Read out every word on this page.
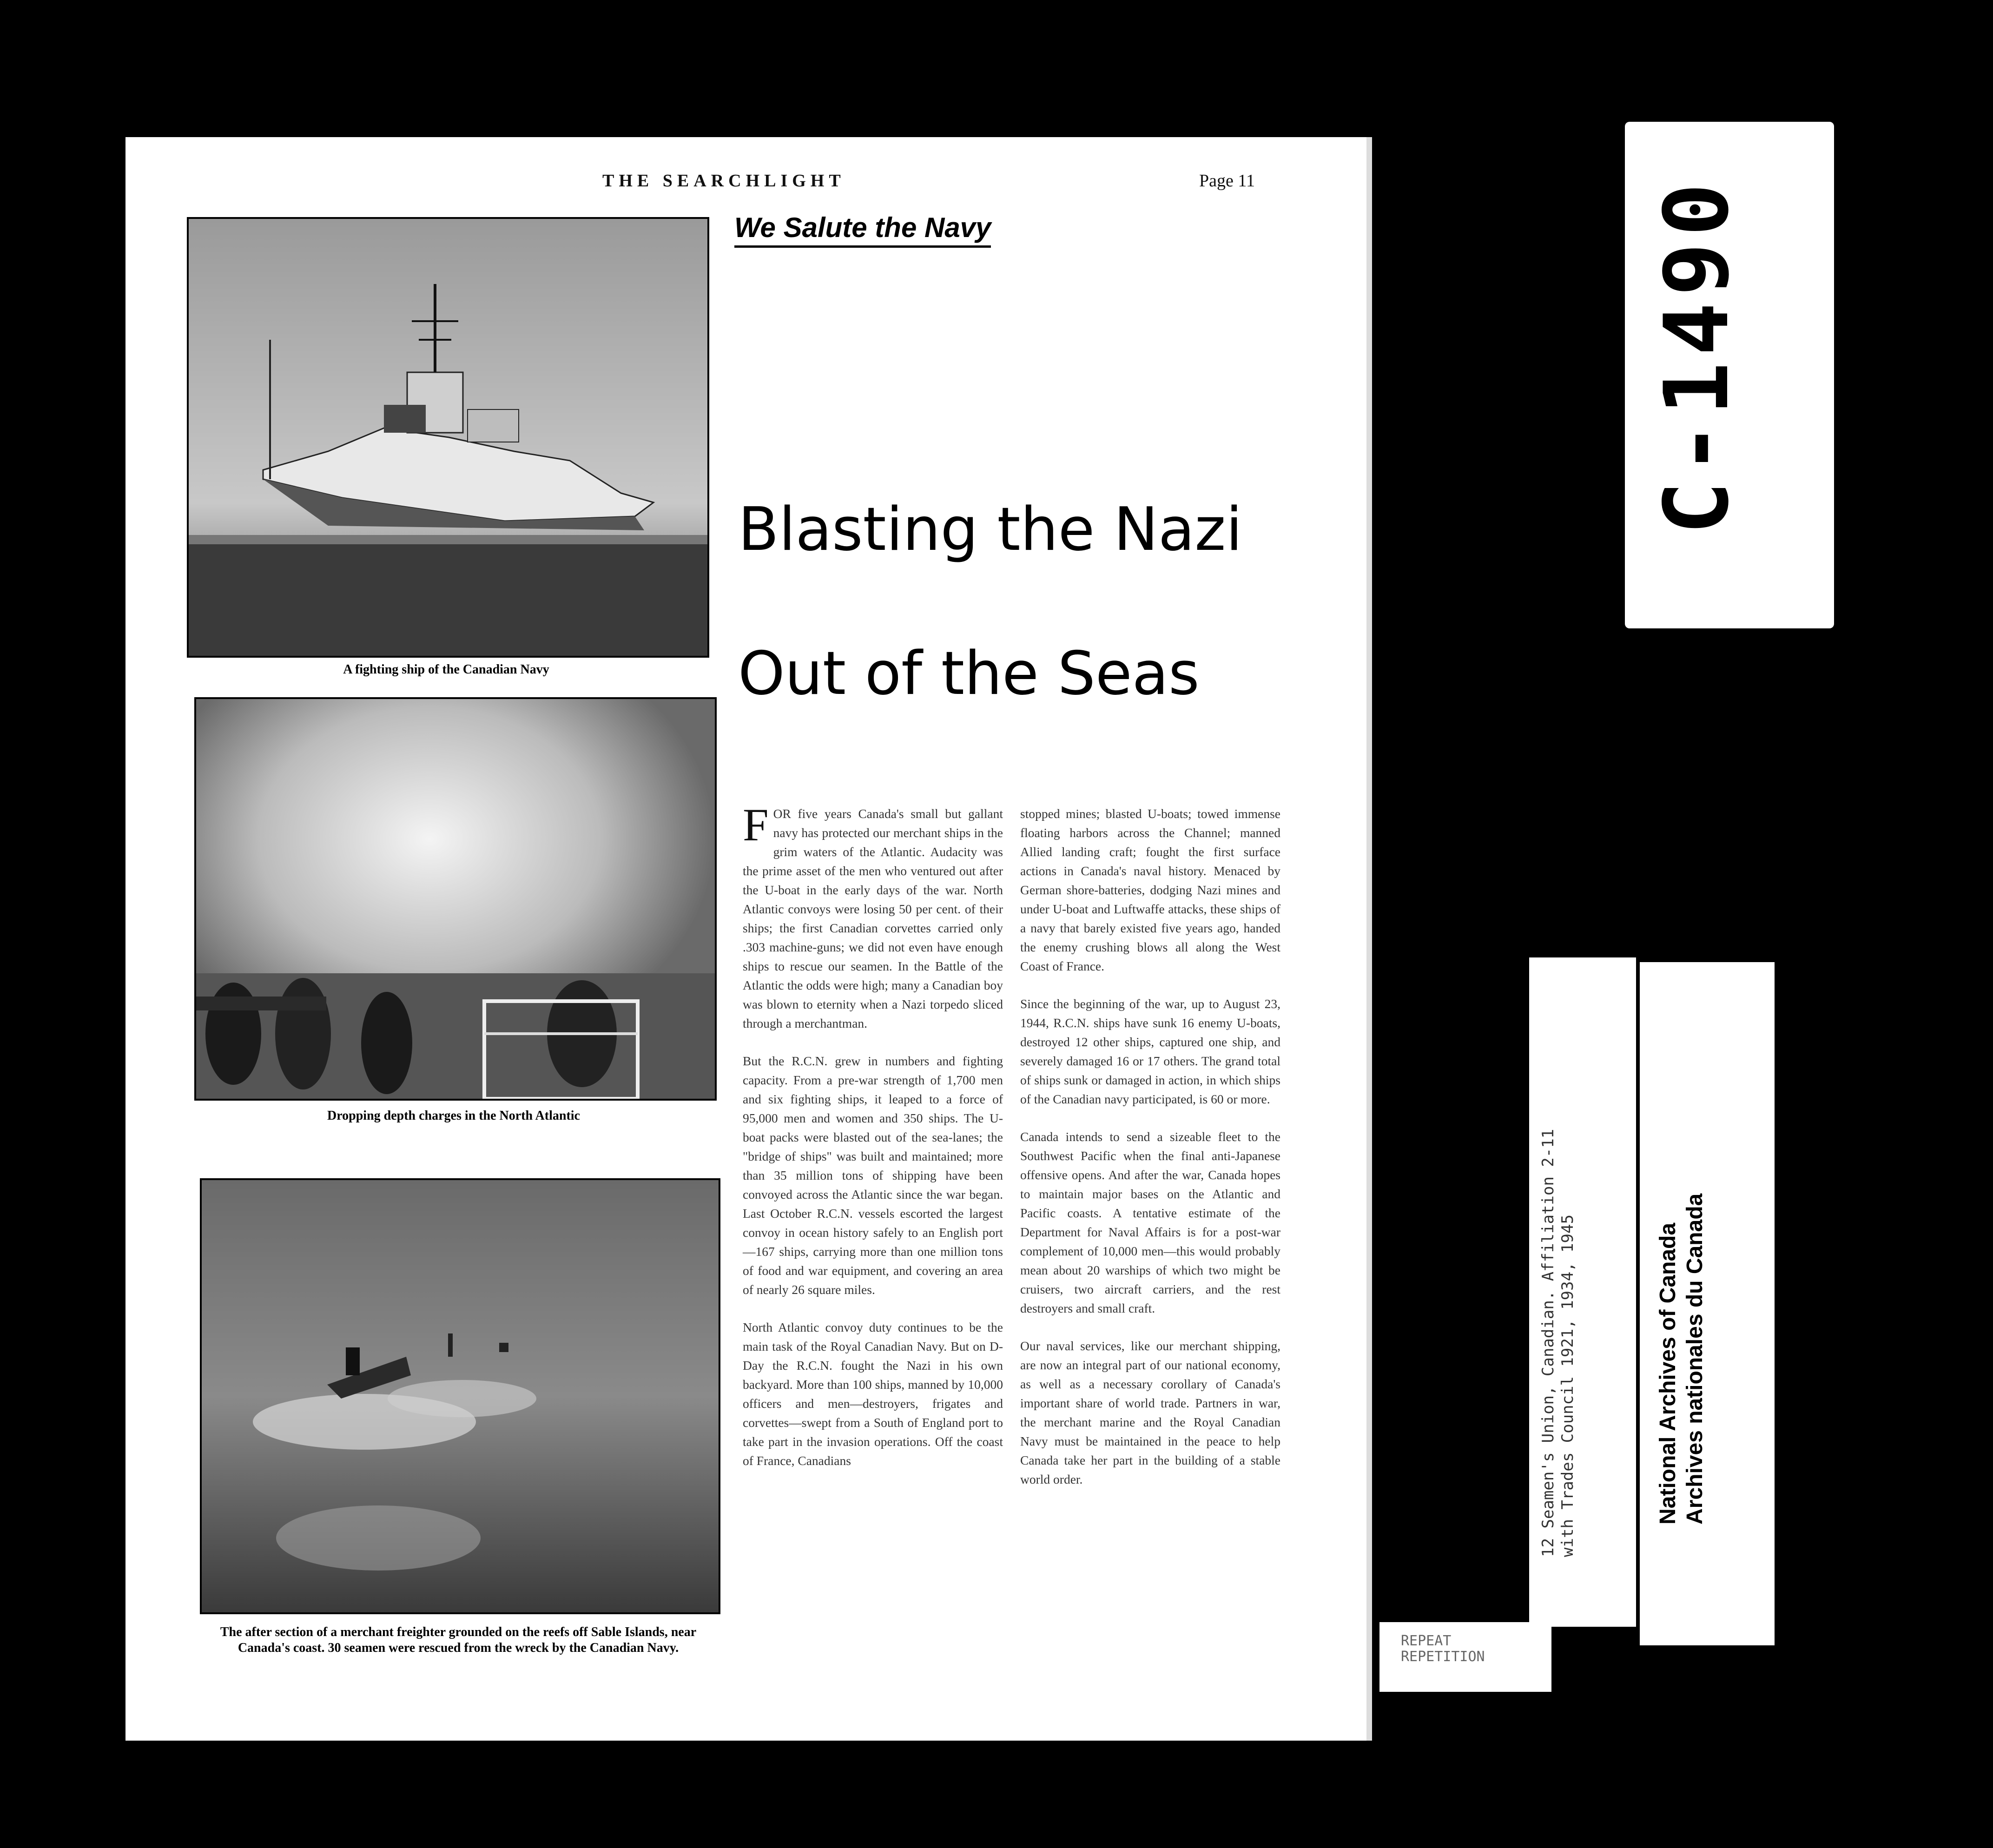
THE SEARCHLIGHT	Page 11
We Salute the Navy
Blasting the Nazi
Out of the Seas
A fighting ship of the Canadian Navy
Dropping depth charges in the North Atlantic
The after section of a merchant freighter grounded on the reefs off Sable Islands, near Canada's coast. 30 seamen were rescued from the wreck by the Canadian Navy.

FOR five years Canada's small but gallant navy has protected our merchant ships in the grim waters of the Atlantic. Audacity was the prime asset of the men who ventured out after the U-boat in the early days of the war. North Atlantic convoys were losing 50 per cent. of their ships; the first Canadian corvettes carried only .303 machine-guns; we did not even have enough ships to rescue our seamen. In the Battle of the Atlantic the odds were high; many a Canadian boy was blown to eternity when a Nazi torpedo sliced through a merchantman.

But the R.C.N. grew in numbers and fighting capacity. From a pre-war strength of 1,700 men and six fighting ships, it leaped to a force of 95,000 men and women and 350 ships. The U-boat packs were blasted out of the sea-lanes; the "bridge of ships" was built and maintained; more than 35 million tons of shipping have been convoyed across the Atlantic since the war began. Last October R.C.N. vessels escorted the largest convoy in ocean history safely to an English port—167 ships, carrying more than one million tons of food and war equipment, and covering an area of nearly 26 square miles.

North Atlantic convoy duty continues to be the main task of the Royal Canadian Navy. But on D-Day the R.C.N. fought the Nazi in his own backyard. More than 100 ships, manned by 10,000 officers and men—destroyers, frigates and corvettes—swept from a South of England port to take part in the invasion operations. Off the coast of France, Canadians

stopped mines; blasted U-boats; towed immense floating harbors across the Channel; manned Allied landing craft; fought the first surface actions in Canada's naval history. Menaced by German shore-batteries, dodging Nazi mines and under U-boat and Luftwaffe attacks, these ships of a navy that barely existed five years ago, handed the enemy crushing blows all along the West Coast of France.

Since the beginning of the war, up to August 23, 1944, R.C.N. ships have sunk 16 enemy U-boats, destroyed 12 other ships, captured one ship, and severely damaged 16 or 17 others. The grand total of ships sunk or damaged in action, in which ships of the Canadian navy participated, is 60 or more.

Canada intends to send a sizeable fleet to the Southwest Pacific when the final anti-Japanese offensive opens. And after the war, Canada hopes to maintain major bases on the Atlantic and Pacific coasts. A tentative estimate of the Department for Naval Affairs is for a post-war complement of 10,000 men—this would probably mean about 20 warships of which two might be cruisers, two aircraft carriers, and the rest destroyers and small craft.

Our naval services, like our merchant shipping, are now an integral part of our national economy, as well as a necessary corollary of Canada's important share of world trade. Partners in war, the merchant marine and the Royal Canadian Navy must be maintained in the peace to help Canada take her part in the building of a stable world order.

C-1490
12 Seamen's Union, Canadian. Affiliation 2-11 with Trades Council 1921, 1934, 1945	National Archives of Canada Archives nationales du Canada
REPEAT
REPETITION
